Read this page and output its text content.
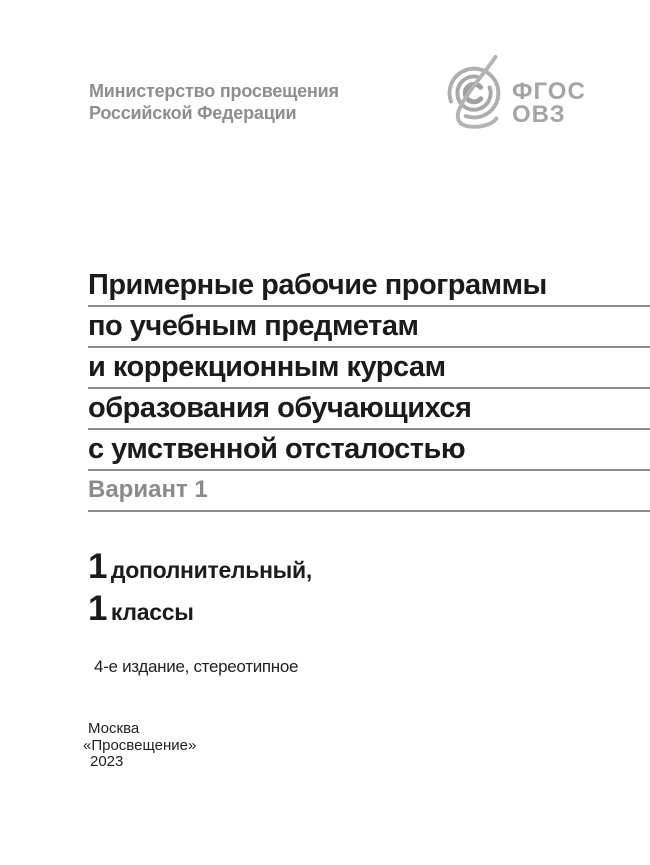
Министерство просвещения
Российской Федерации
ФГОС
ОВЗ
Примерные рабочие программы
по учебным предметам
и коррекционным курсам
образования обучающихся
с умственной отсталостью
Вариант 1
1 дополнительный,
1 классы
4-е издание, стереотипное
Москва
«Просвещение»
2023
